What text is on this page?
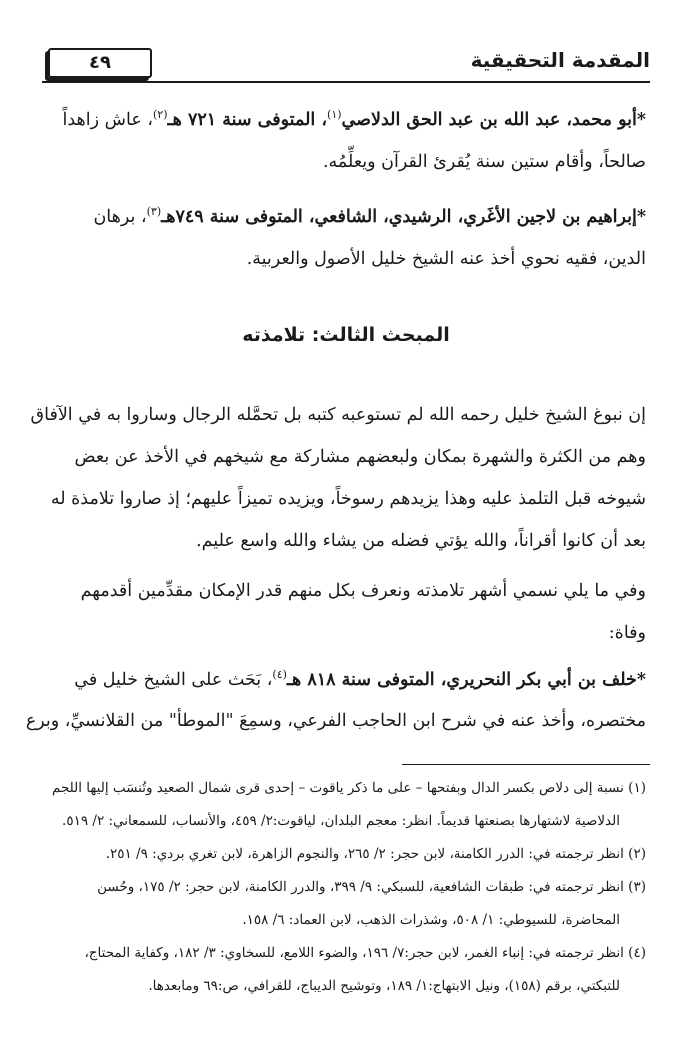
المقدمة التحقيقية
٤٩

*أبو محمد، عبد الله بن عبد الحق الدلاصي$^{(١)}$، المتوفى سنة ٧٢١ هـ$^{(٢)}$، عاش زاهداً
صالحاً، وأقام ستين سنة يُقرئ القرآن ويعلِّمُه.

*إبراهيم بن لاجين الأغَري، الرشيدي، الشافعي، المتوفى سنة ٧٤٩هـ$^{(٣)}$، برهان
الدين، فقيه نحوي أخذ عنه الشيخ خليل الأصول والعربية.

المبحث الثالث: تلامذته

إن نبوغ الشيخ خليل رحمه الله لم تستوعبه كتبه بل تحمَّله الرجال وساروا به في الآفاق
وهم من الكثرة والشهرة بمكان ولبعضهم مشاركة مع شيخهم في الأخذ عن بعض
شيوخه قبل التلمذ عليه وهذا يزيدهم رسوخاً، ويزيده تميزاً عليهم؛ إذ صاروا تلامذة له
بعد أن كانوا أقراناً، والله يؤتي فضله من يشاء والله واسع عليم.

وفي ما يلي نسمي أشهر تلامذته ونعرف بكل منهم قدر الإمكان مقدِّمين أقدمهم
وفاة:

*خلف بن أبي بكر النحريري، المتوفى سنة ٨١٨ هـ$^{(٤)}$، بَحَث على الشيخ خليل في
مختصره، وأخذ عنه في شرح ابن الحاجب الفرعي، وسمِعَ "الموطأ" من القلانسيِّ، وبرع

(١) نسبة إلى دلاص بكسر الدال وبفتحها – على ما ذكر ياقوت – إحدى قرى شمال الصعيد وتُنسَب إليها اللجم
الدلاصية لاشتهارها بصنعتها قديماً. انظر: معجم البلدان، لياقوت:٢/ ٤٥٩، والأنساب، للسمعاني: ٢/ ٥١٩.

(٢) انظر ترجمته في: الدرر الكامنة، لابن حجر: ٢/ ٢٦٥، والنجوم الزاهرة، لابن تغري بردي: ٩/ ٢٥١.

(٣) انظر ترجمته في: طبقات الشافعية، للسبكي: ٩/ ٣٩٩، والدرر الكامنة، لابن حجر: ٢/ ١٧٥، وحُسن
المحاضرة، للسيوطي: ١/ ٥٠٨، وشذرات الذهب، لابن العماد: ٦/ ١٥٨.

(٤) انظر ترجمته في: إنباء الغمر، لابن حجر:٧/ ١٩٦، والضوء اللامع، للسخاوي: ٣/ ١٨٢، وكفاية المحتاج،
للتبكتي، برقم (١٥٨)، ونيل الابتهاج:١/ ١٨٩، وتوشيح الديباج، للقرافي، ص:٦٩ ومابعدها.
